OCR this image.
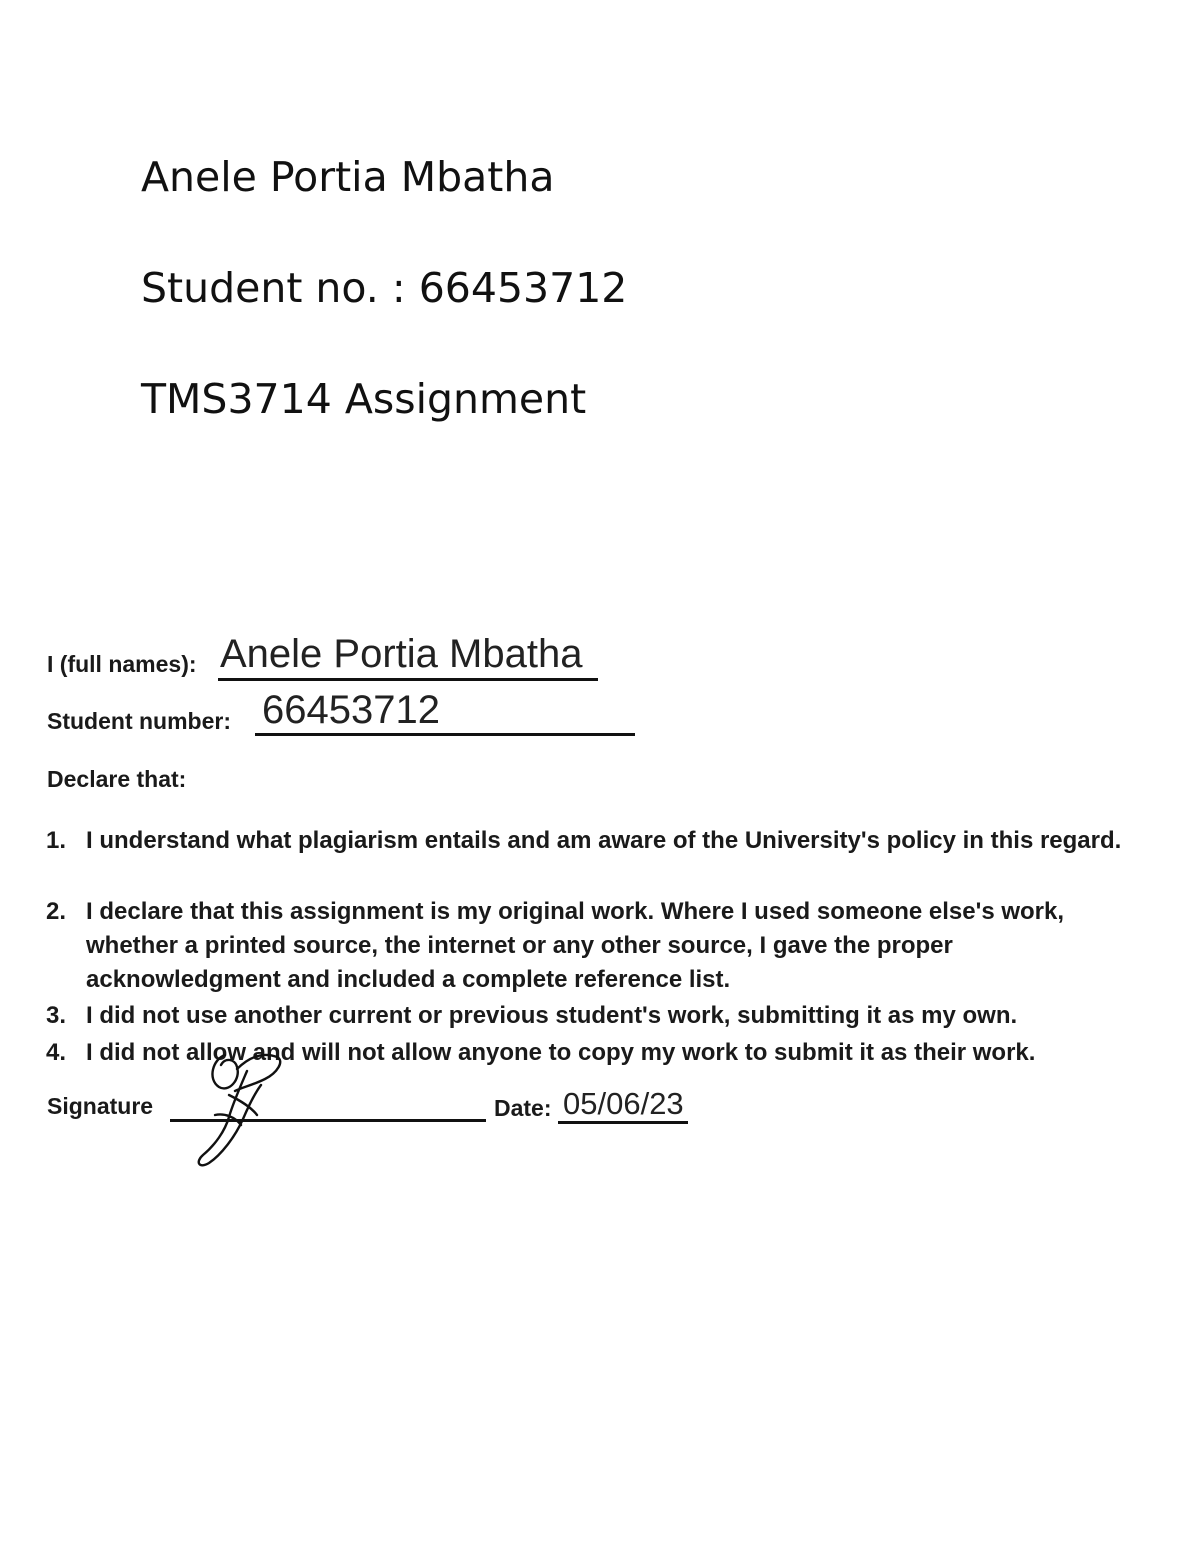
Anele Portia Mbatha
Student no. : 66453712
TMS3714 Assignment
I (full names): Anele Portia Mbatha
Student number: 66453712
Declare that:
1. I understand what plagiarism entails and am aware of the University's policy in this regard.
2. I declare that this assignment is my original work. Where I used someone else's work, whether a printed source, the internet or any other source, I gave the proper acknowledgment and included a complete reference list.
3. I did not use another current or previous student's work, submitting it as my own.
4. I did not allow and will not allow anyone to copy my work to submit it as their work.
Signature	Date: 05/06/23
